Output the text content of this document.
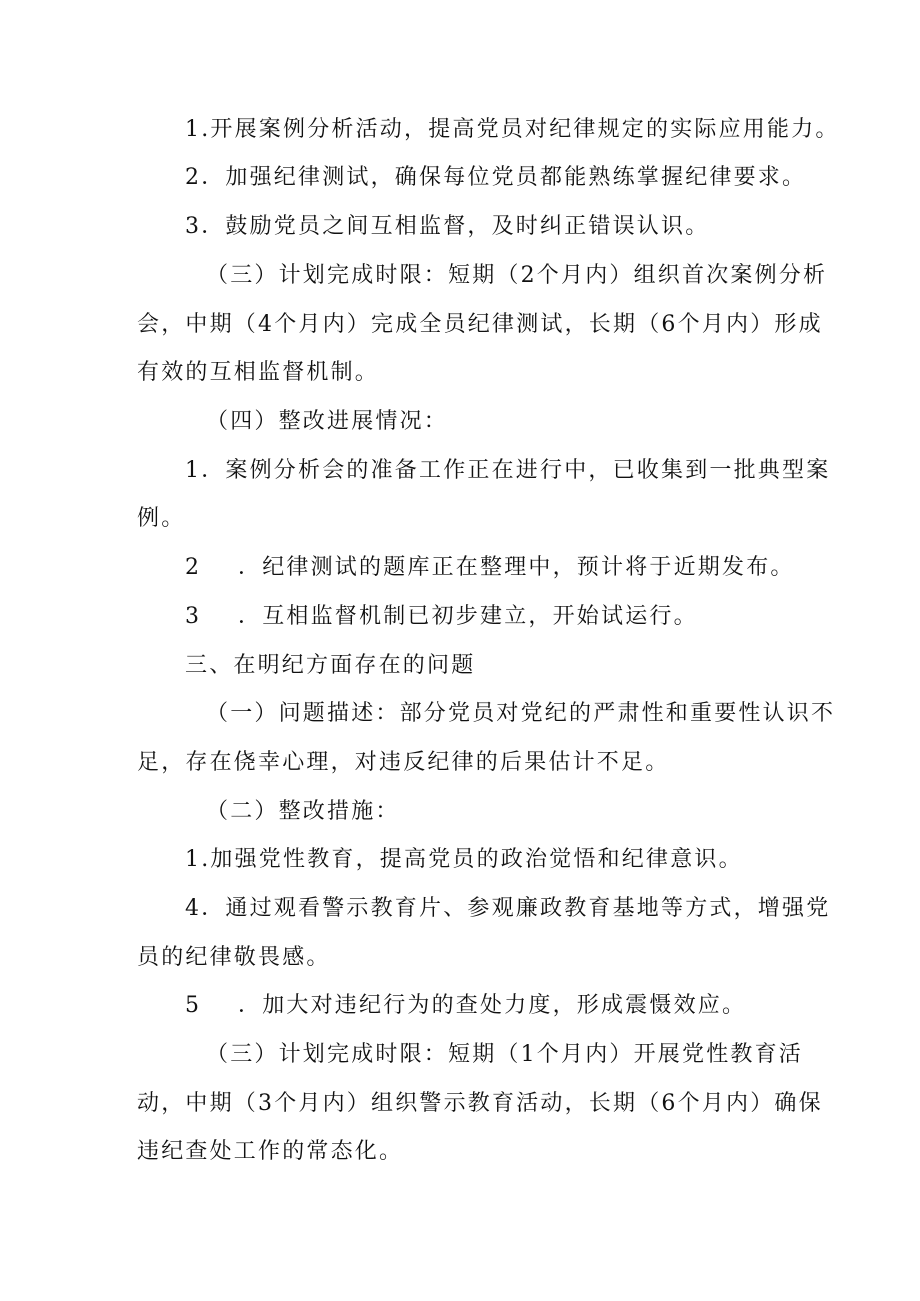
1.开展案例分析活动，提高党员对纪律规定的实际应用能力。

2．加强纪律测试，确保每位党员都能熟练掌握纪律要求。

3．鼓励党员之间互相监督，及时纠正错误认识。

（三）计划完成时限：短期（2个月内）组织首次案例分析

会，中期（4个月内）完成全员纪律测试，长期（6个月内）形成

有效的互相监督机制。

（四）整改进展情况：

1．案例分析会的准备工作正在进行中，已收集到一批典型案

例。

2 ．纪律测试的题库正在整理中，预计将于近期发布。

3 ．互相监督机制已初步建立，开始试运行。

三、在明纪方面存在的问题

（一）问题描述：部分党员对党纪的严肃性和重要性认识不

足，存在侥幸心理，对违反纪律的后果估计不足。

（二）整改措施：

1.加强党性教育，提高党员的政治觉悟和纪律意识。

4．通过观看警示教育片、参观廉政教育基地等方式，增强党

员的纪律敬畏感。

5 ．加大对违纪行为的查处力度，形成震慑效应。

（三）计划完成时限：短期（1个月内）开展党性教育活

动，中期（3个月内）组织警示教育活动，长期（6个月内）确保

违纪查处工作的常态化。
